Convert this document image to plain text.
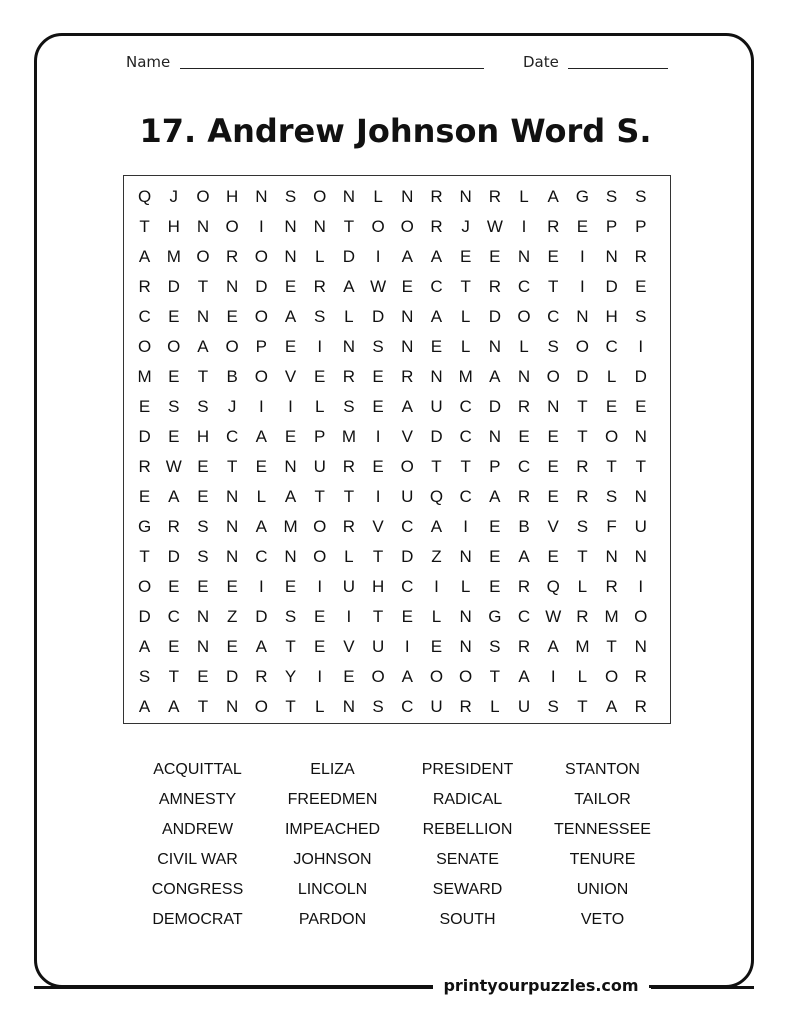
Name	Date
17. Andrew Johnson Word S.
Q	J	O H N	S O N	L	N R N R	L	A G S	S
T	H N O	I	N N	T	O O R	J W	I	R	E	P	P
A M O R O N	L	D	I	A	A	E	E	N	E	I	N R
R D	T	N D	E	R	A W E	C	T	R C	T	I	D	E
C	E	N	E O A	S	L	D N	A	L	D O C N H	S
O O A O P	E	I	N	S	N	E	L	N	L	S O C	I
M E	T	B O V	E	R	E	R N M A	N O D	L	D
E	S	S	J	I	I	L	S	E	A	U C D R N	T	E	E
D	E	H C	A	E	P M	I	V	D C N	E	E	T	O N
R W E	T	E	N U R	E O	T	T	P	C	E	R	T	T
E	A	E	N	L	A	T	T	I	U Q C	A	R	E	R	S	N
G R	S	N	A M O R	V	C	A	I	E	B	V	S	F	U
T	D	S	N C N O	L	T	D	Z	N	E	A	E	T	N N
O E	E	E	I	E	I	U H C	I	L	E	R Q	L	R	I
D C N	Z	D	S	E	I	T	E	L	N G C W R M O
A	E	N	E	A	T	E	V	U	I	E	N	S	R	A M T	N
S	T	E	D R	Y	I	E O A O O	T	A	I	L	O R
A	A	T	N O	T	L	N	S	C U R	L	U	S	T	A	R
ACQUITTAL	ELIZA	PRESIDENT	STANTON
AMNESTY	FREEDMEN	RADICAL	TAILOR
ANDREW	IMPEACHED	REBELLION	TENNESSEE
CIVIL WAR	JOHNSON	SENATE	TENURE
CONGRESS	LINCOLN	SEWARD	UNION
DEMOCRAT	PARDON	SOUTH	VETO
printyourpuzzles.com
